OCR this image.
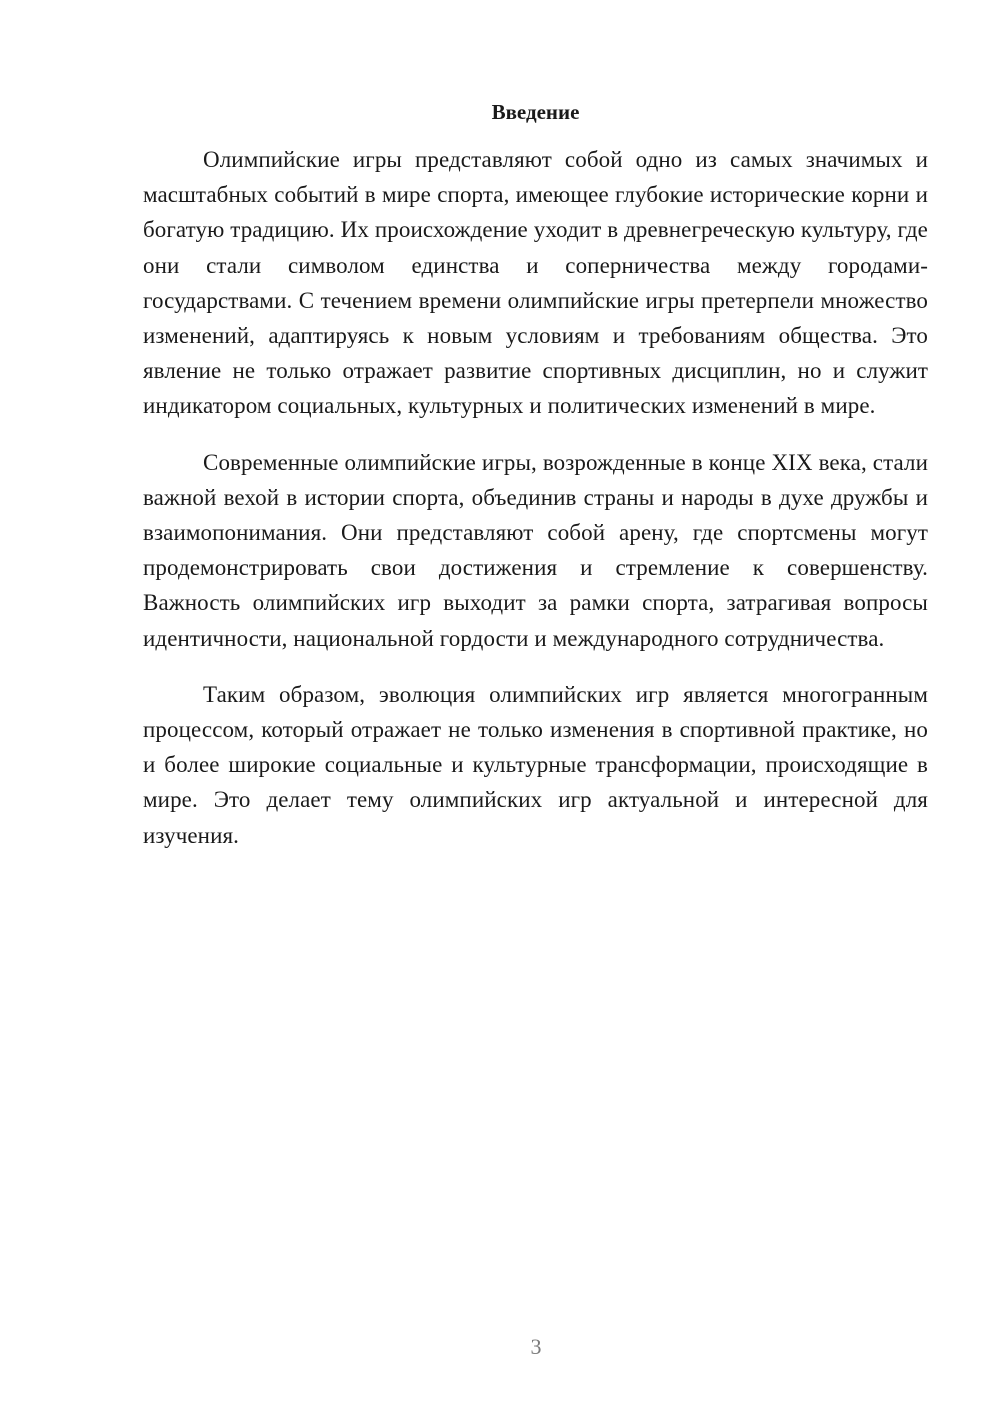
Введение

Олимпийские игры представляют собой одно из самых значимых и масштабных событий в мире спорта, имеющее глубокие исторические корни и богатую традицию. Их происхождение уходит в древнегреческую культуру, где они стали символом единства и соперничества между городами-государствами. С течением времени олимпийские игры претерпели множество изменений, адаптируясь к новым условиям и требованиям общества. Это явление не только отражает развитие спортивных дисциплин, но и служит индикатором социальных, культурных и политических изменений в мире.

Современные олимпийские игры, возрожденные в конце XIX века, стали важной вехой в истории спорта, объединив страны и народы в духе дружбы и взаимопонимания. Они представляют собой арену, где спортсмены могут продемонстрировать свои достижения и стремление к совершенству. Важность олимпийских игр выходит за рамки спорта, затрагивая вопросы идентичности, национальной гордости и международного сотрудничества.

Таким образом, эволюция олимпийских игр является многогранным процессом, который отражает не только изменения в спортивной практике, но и более широкие социальные и культурные трансформации, происходящие в мире. Это делает тему олимпийских игр актуальной и интересной для изучения.

3
